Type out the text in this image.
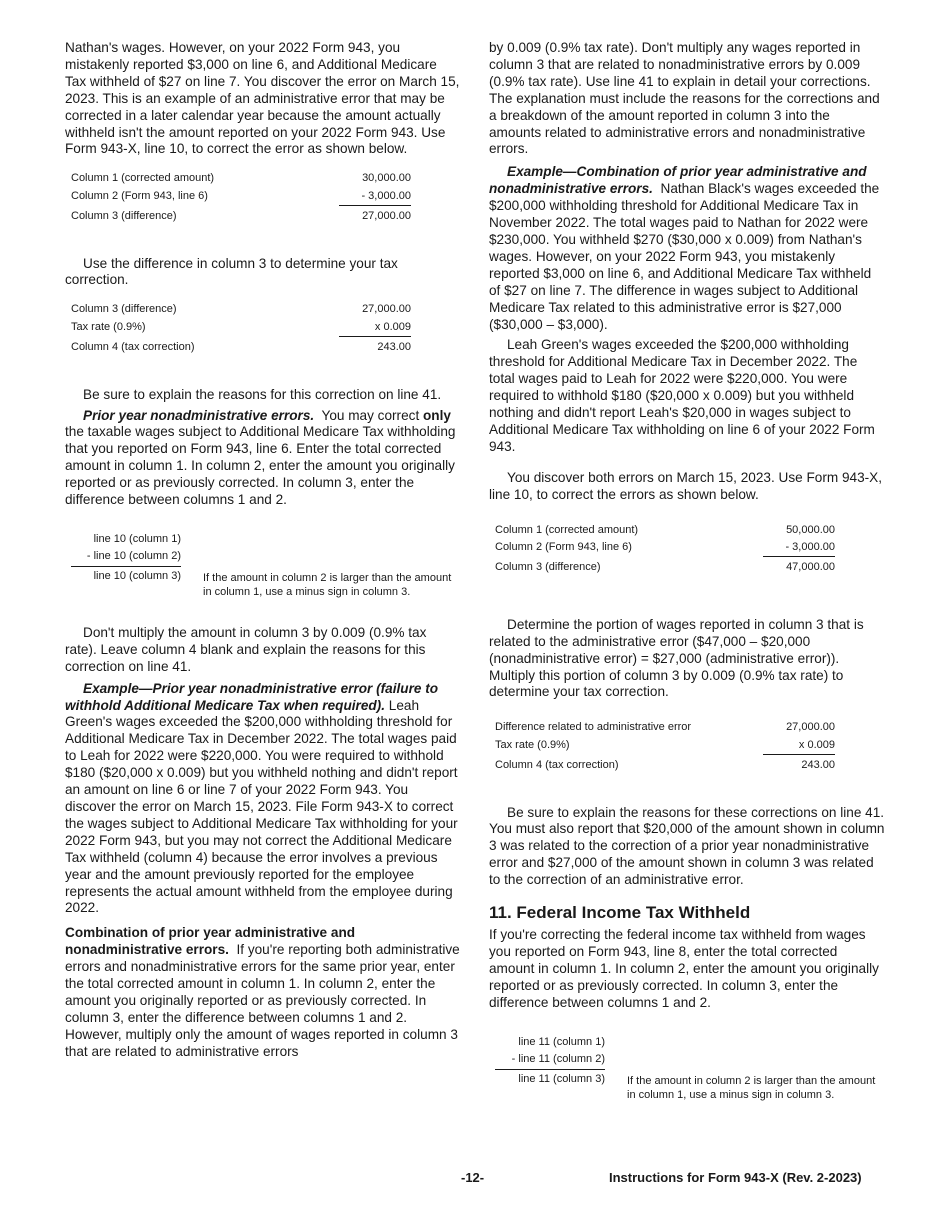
Nathan's wages. However, on your 2022 Form 943, you mistakenly reported $3,000 on line 6, and Additional Medicare Tax withheld of $27 on line 7. You discover the error on March 15, 2023. This is an example of an administrative error that may be corrected in a later calendar year because the amount actually withheld isn't the amount reported on your 2022 Form 943. Use Form 943-X, line 10, to correct the error as shown below.

Column 1 (corrected amount)	30,000.00
Column 2 (Form 943, line 6)	- 3,000.00
Column 3 (difference)	27,000.00

Use the difference in column 3 to determine your tax correction.

Column 3 (difference)	27,000.00
Tax rate (0.9%)	x 0.009
Column 4 (tax correction)	243.00

Be sure to explain the reasons for this correction on line 41.

Prior year nonadministrative errors. You may correct only the taxable wages subject to Additional Medicare Tax withholding that you reported on Form 943, line 6. Enter the total corrected amount in column 1. In column 2, enter the amount you originally reported or as previously corrected. In column 3, enter the difference between columns 1 and 2.

line 10 (column 1)
- line 10 (column 2)
line 10 (column 3) If the amount in column 2 is larger than the amount in column 1, use a minus sign in column 3.

Don't multiply the amount in column 3 by 0.009 (0.9% tax rate). Leave column 4 blank and explain the reasons for this correction on line 41.

Example—Prior year nonadministrative error (failure to withhold Additional Medicare Tax when required). Leah Green's wages exceeded the $200,000 withholding threshold for Additional Medicare Tax in December 2022. The total wages paid to Leah for 2022 were $220,000. You were required to withhold $180 ($20,000 x 0.009) but you withheld nothing and didn't report an amount on line 6 or line 7 of your 2022 Form 943. You discover the error on March 15, 2023. File Form 943-X to correct the wages subject to Additional Medicare Tax withholding for your 2022 Form 943, but you may not correct the Additional Medicare Tax withheld (column 4) because the error involves a previous year and the amount previously reported for the employee represents the actual amount withheld from the employee during 2022.

Combination of prior year administrative and nonadministrative errors. If you're reporting both administrative errors and nonadministrative errors for the same prior year, enter the total corrected amount in column 1. In column 2, enter the amount you originally reported or as previously corrected. In column 3, enter the difference between columns 1 and 2. However, multiply only the amount of wages reported in column 3 that are related to administrative errors

by 0.009 (0.9% tax rate). Don't multiply any wages reported in column 3 that are related to nonadministrative errors by 0.009 (0.9% tax rate). Use line 41 to explain in detail your corrections. The explanation must include the reasons for the corrections and a breakdown of the amount reported in column 3 into the amounts related to administrative errors and nonadministrative errors.

Example—Combination of prior year administrative and nonadministrative errors. Nathan Black's wages exceeded the $200,000 withholding threshold for Additional Medicare Tax in November 2022. The total wages paid to Nathan for 2022 were $230,000. You withheld $270 ($30,000 x 0.009) from Nathan's wages. However, on your 2022 Form 943, you mistakenly reported $3,000 on line 6, and Additional Medicare Tax withheld of $27 on line 7. The difference in wages subject to Additional Medicare Tax related to this administrative error is $27,000 ($30,000 – $3,000).

Leah Green's wages exceeded the $200,000 withholding threshold for Additional Medicare Tax in December 2022. The total wages paid to Leah for 2022 were $220,000. You were required to withhold $180 ($20,000 x 0.009) but you withheld nothing and didn't report Leah's $20,000 in wages subject to Additional Medicare Tax withholding on line 6 of your 2022 Form 943.

You discover both errors on March 15, 2023. Use Form 943-X, line 10, to correct the errors as shown below.

Column 1 (corrected amount)	50,000.00
Column 2 (Form 943, line 6)	- 3,000.00
Column 3 (difference)	47,000.00

Determine the portion of wages reported in column 3 that is related to the administrative error ($47,000 – $20,000 (nonadministrative error) = $27,000 (administrative error)). Multiply this portion of column 3 by 0.009 (0.9% tax rate) to determine your tax correction.

Difference related to administrative error	27,000.00
Tax rate (0.9%)	x 0.009
Column 4 (tax correction)	243.00

Be sure to explain the reasons for these corrections on line 41. You must also report that $20,000 of the amount shown in column 3 was related to the correction of a prior year nonadministrative error and $27,000 of the amount shown in column 3 was related to the correction of an administrative error.

11. Federal Income Tax Withheld

If you're correcting the federal income tax withheld from wages you reported on Form 943, line 8, enter the total corrected amount in column 1. In column 2, enter the amount you originally reported or as previously corrected. In column 3, enter the difference between columns 1 and 2.

line 11 (column 1)
- line 11 (column 2)
line 11 (column 3) If the amount in column 2 is larger than the amount in column 1, use a minus sign in column 3.
-12-	Instructions for Form 943-X (Rev. 2-2023)
